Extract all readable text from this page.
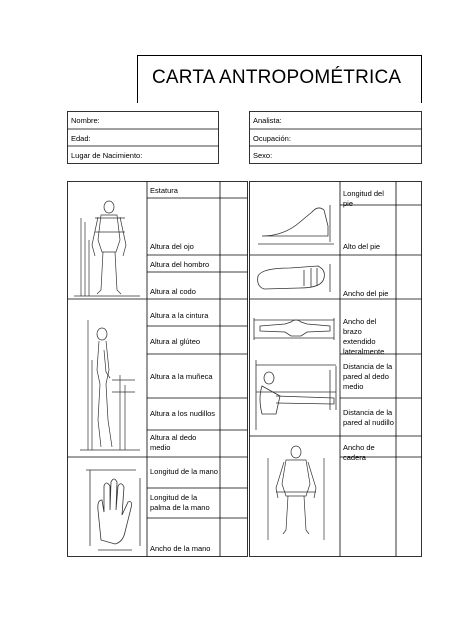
CARTA ANTROPOMÉTRICA
Nombre:
Edad:
Lugar de Nacimiento:
Analista:
Ocupación:
Sexo:
Estatura
Altura del ojo
Altura del hombro
Altura al codo
Altura a la cintura
Altura al glúteo
Altura a la muñeca
Altura a los nudillos
Altura al dedo medio
Longitud de la mano
Longitud de la palma de la mano
Ancho de la mano
Longitud del pie
Alto del pie
Ancho del pie
Ancho del brazo extendido lateralmente
Distancia de la pared al dedo medio
Distancia de la pared al nudillo
Ancho de cadera
